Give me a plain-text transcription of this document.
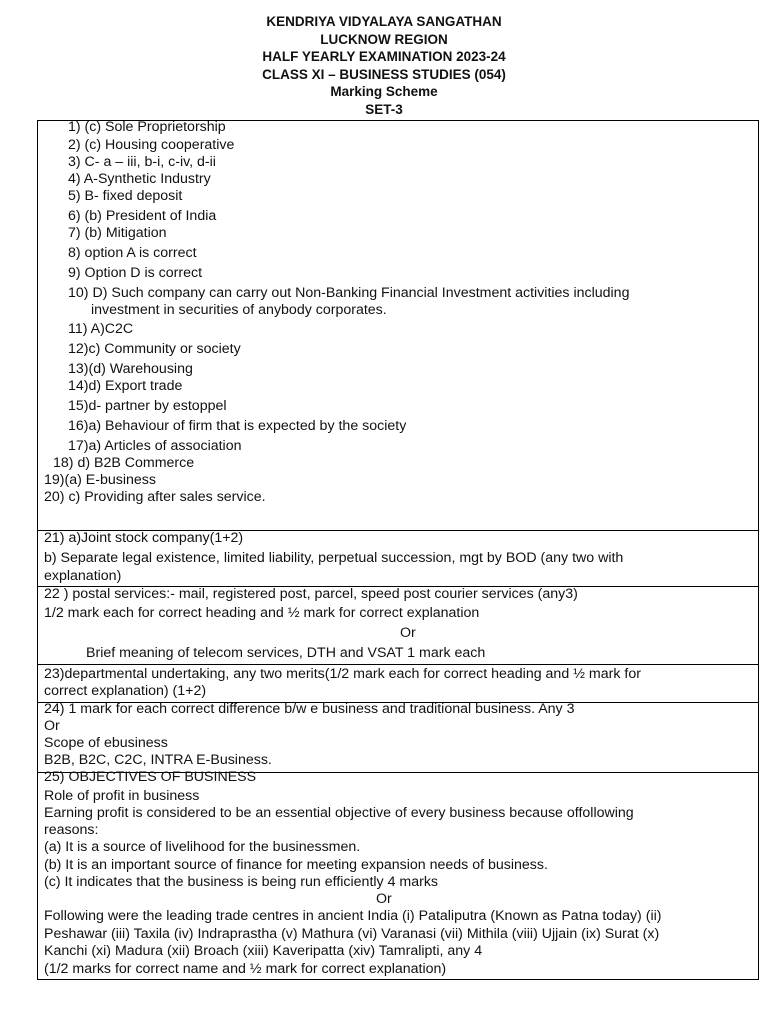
KENDRIYA VIDYALAYA SANGATHAN
LUCKNOW REGION
HALF YEARLY EXAMINATION 2023-24
CLASS XI – BUSINESS STUDIES (054)
Marking Scheme
SET-3
1) (c) Sole Proprietorship
2) (c) Housing cooperative
3) C- a – iii, b-i, c-iv, d-ii
4) A-Synthetic Industry
5) B- fixed deposit
6) (b) President of India
7) (b) Mitigation
8) option A is correct
9) Option D is correct
10) D) Such company can carry out Non-Banking Financial Investment activities including
investment in securities of anybody corporates.
11) A)C2C
12)c) Community or society
13)(d) Warehousing
14)d) Export trade
15)d- partner by estoppel
16)a) Behaviour of firm that is expected by the society
17)a) Articles of association
18) d) B2B Commerce
19)(a) E-business
20) c) Providing after sales service.
21) a)Joint stock company(1+2)
b) Separate legal existence, limited liability, perpetual succession, mgt by BOD (any two with
explanation)
22 ) postal services:- mail, registered post, parcel, speed post courier services (any3)
1/2 mark each for correct heading and ½ mark for correct explanation
Or
Brief meaning of telecom services, DTH and VSAT 1 mark each
23)departmental undertaking, any two merits(1/2 mark each for correct heading and ½ mark for
correct explanation) (1+2)
24) 1 mark for each correct difference b/w e business and traditional business. Any 3
Or
Scope of ebusiness
B2B, B2C, C2C, INTRA E-Business.
25) OBJECTIVES OF BUSINESS
Role of profit in business
Earning profit is considered to be an essential objective of every business because offollowing
reasons:
(a) It is a source of livelihood for the businessmen.
(b) It is an important source of finance for meeting expansion needs of business.
(c) It indicates that the business is being run efficiently 4 marks
Or
Following were the leading trade centres in ancient India (i) Pataliputra (Known as Patna today) (ii)
Peshawar (iii) Taxila (iv) Indraprastha (v) Mathura (vi) Varanasi (vii) Mithila (viii) Ujjain (ix) Surat (x)
Kanchi (xi) Madura (xii) Broach (xiii) Kaveripatta (xiv) Tamralipti, any 4
(1/2 marks for correct name and ½ mark for correct explanation)
